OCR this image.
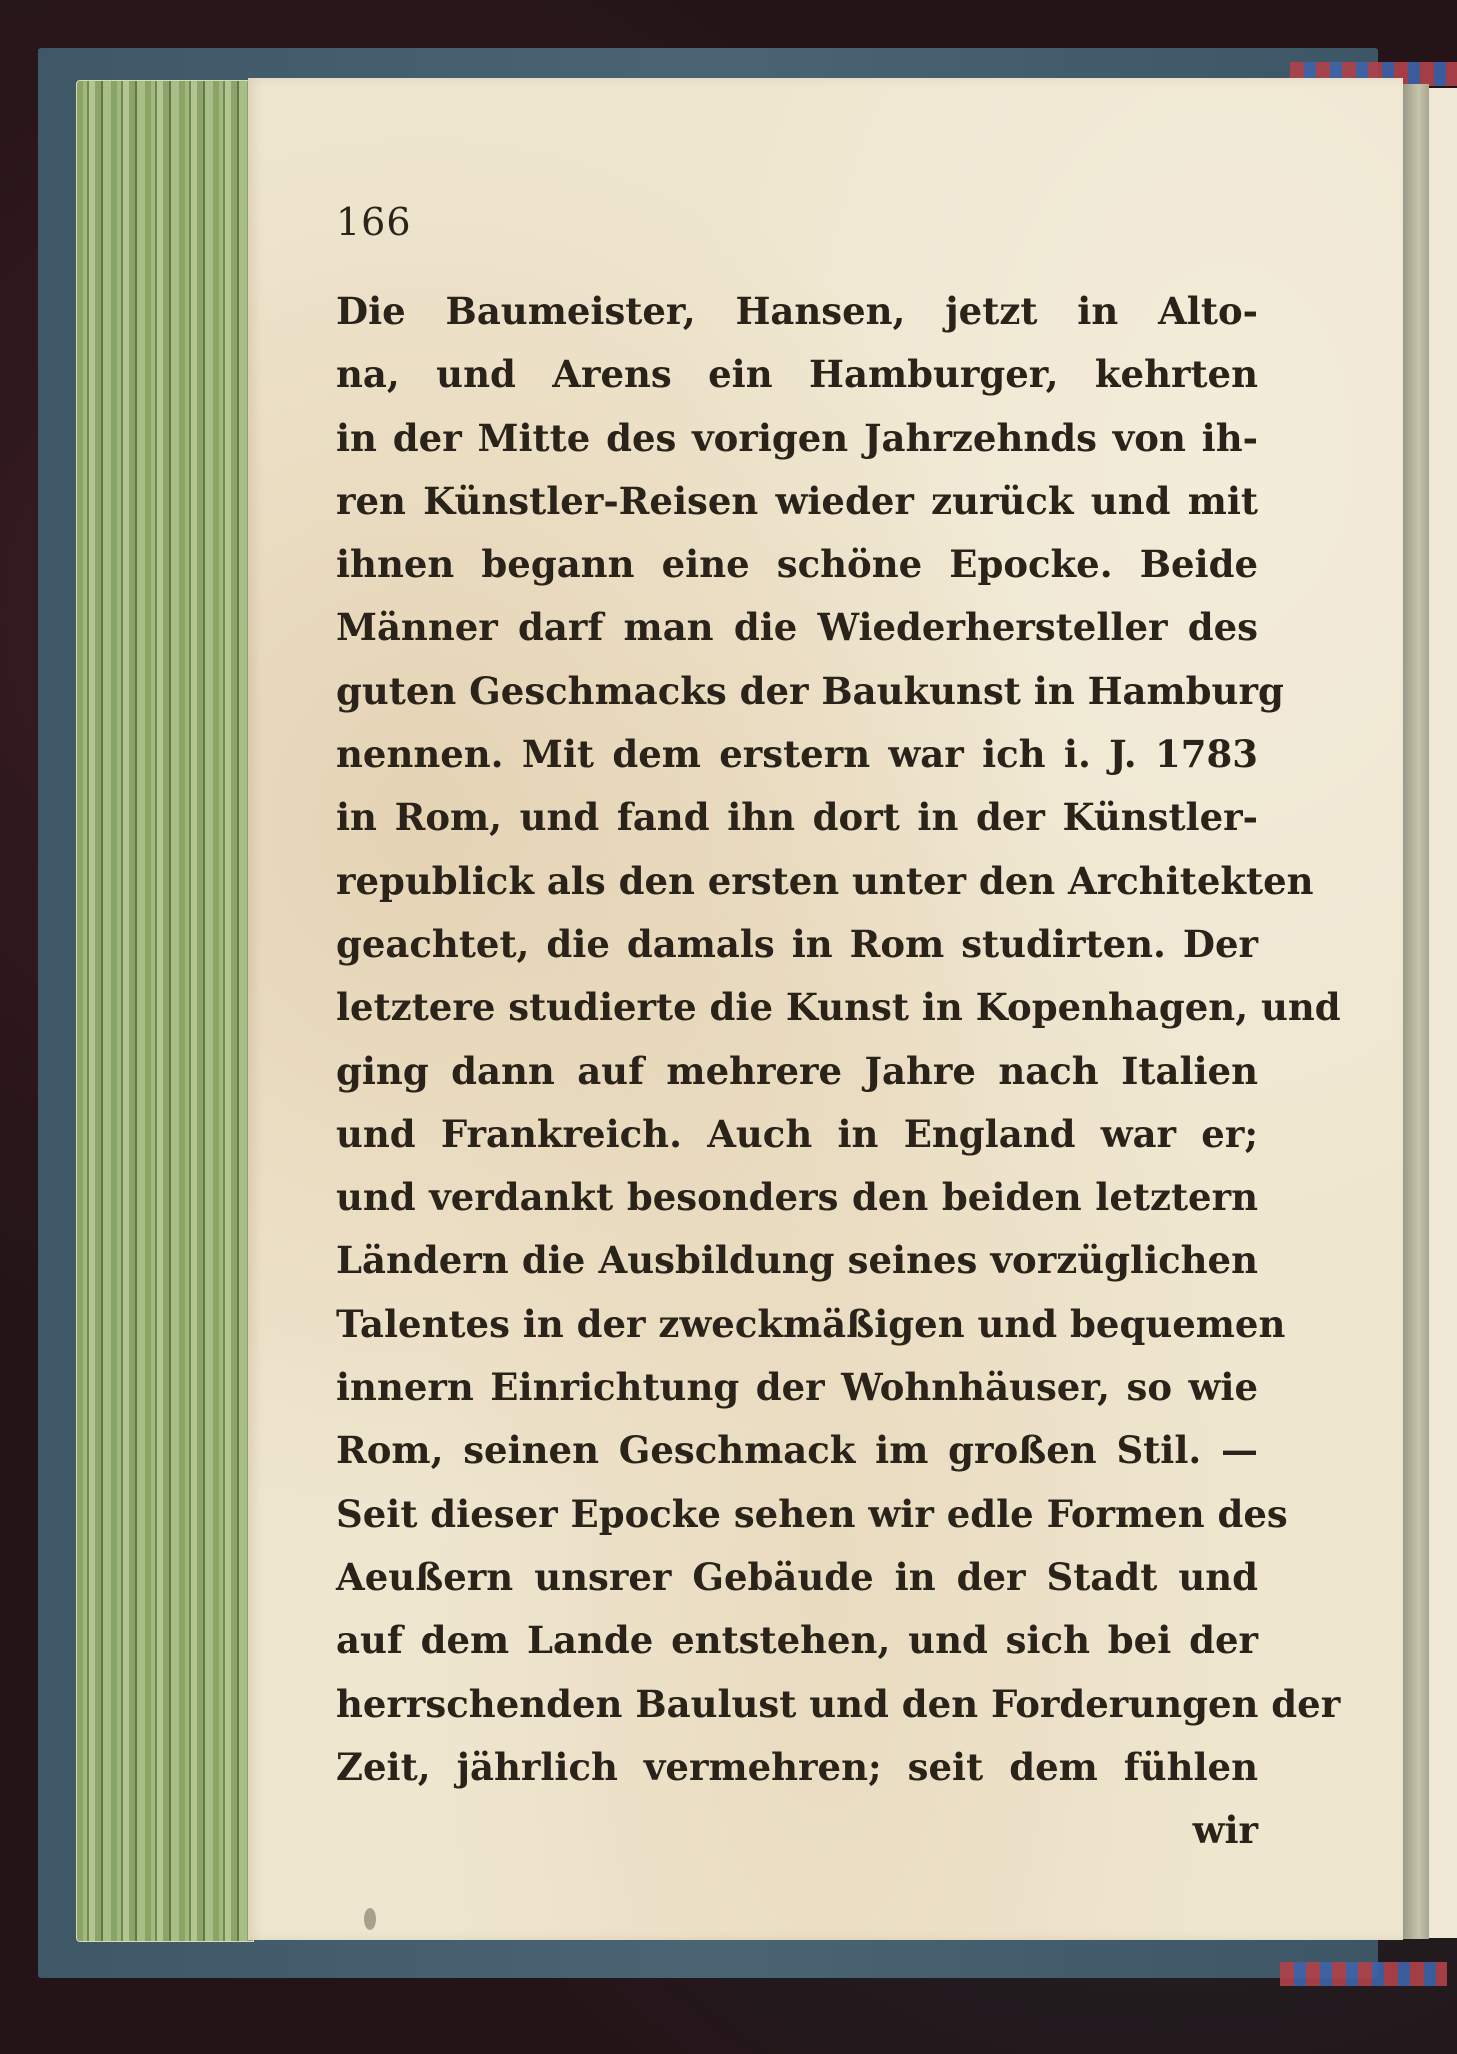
166
Die Baumeister, Hansen, jetzt in Alto-
na, und Arens ein Hamburger, kehrten
in der Mitte des vorigen Jahrzehnds von ih-
ren Künstler-Reisen wieder zurück und mit
ihnen begann eine schöne Epocke. Beide
Männer darf man die Wiederhersteller des
guten Geschmacks der Baukunst in Hamburg
nennen. Mit dem erstern war ich i. J. 1783
in Rom, und fand ihn dort in der Künstler-
republick als den ersten unter den Architekten
geachtet, die damals in Rom studirten. Der
letztere studierte die Kunst in Kopenhagen, und
ging dann auf mehrere Jahre nach Italien
und Frankreich. Auch in England war er;
und verdankt besonders den beiden letztern
Ländern die Ausbildung seines vorzüglichen
Talentes in der zweckmäßigen und bequemen
innern Einrichtung der Wohnhäuser, so wie
Rom, seinen Geschmack im großen Stil. —
Seit dieser Epocke sehen wir edle Formen des
Aeußern unsrer Gebäude in der Stadt und
auf dem Lande entstehen, und sich bei der
herrschenden Baulust und den Forderungen der
Zeit, jährlich vermehren; seit dem fühlen
wir
